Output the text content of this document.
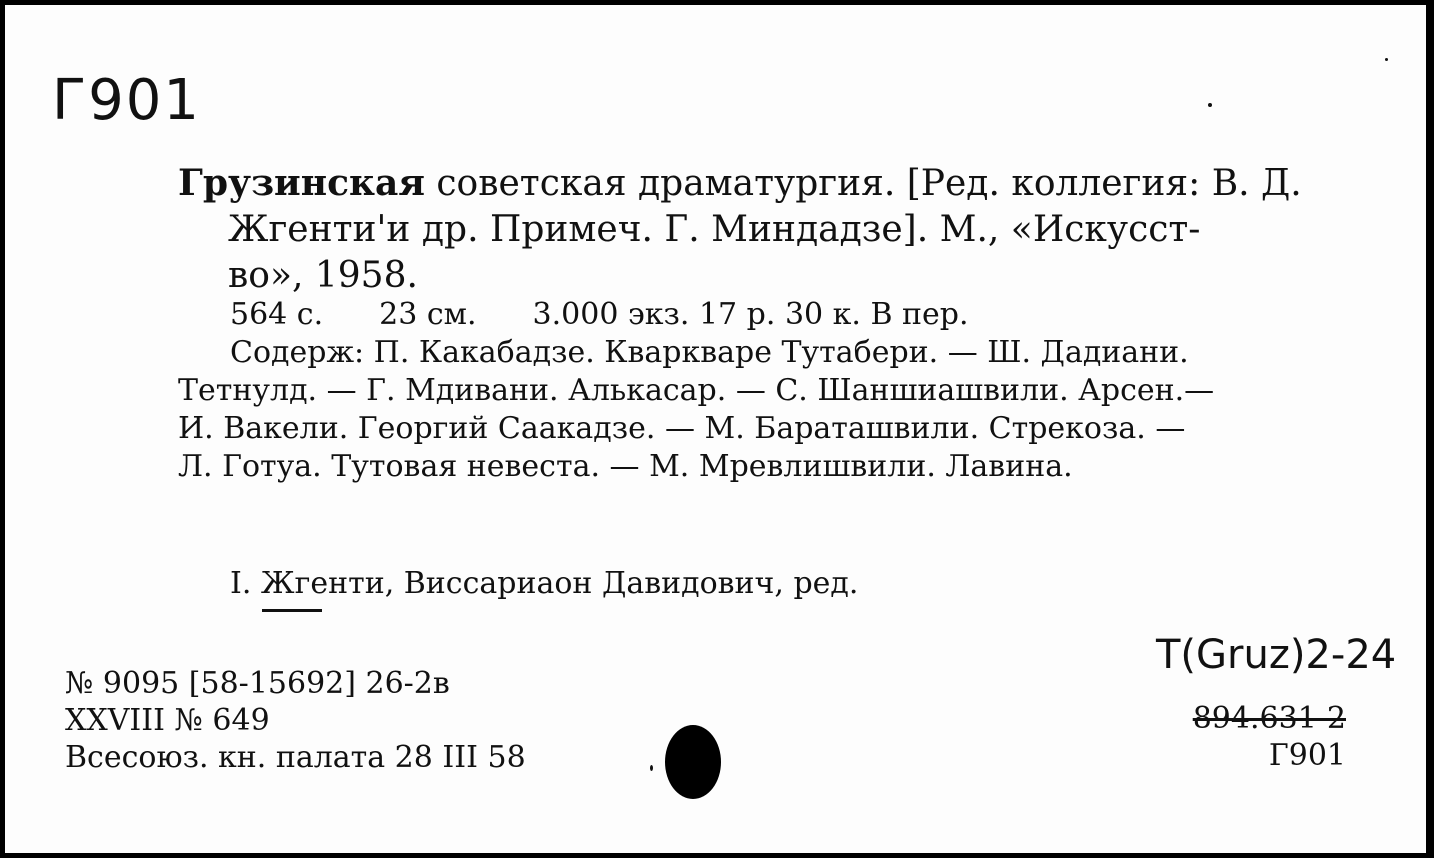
Г901
Грузинская советская драматургия. [Ред. коллегия: В. Д.
Жгенти'и др. Примеч. Г. Миндадзе]. М., «Искусст-
во», 1958.
564 с. 23 см. 3.000 экз. 17 р. 30 к. В пер.
Содерж: П. Какабадзе. Кваркваре Тутабери. — Ш. Дадиани.
Тетнулд. — Г. Мдивани. Алькасар. — С. Шаншиашвили. Арсен.—
И. Вакели. Георгий Саакадзе. — М. Бараташвили. Стрекоза. —
Л. Готуа. Тутовая невеста. — М. Мревлишвили. Лавина.
I. Жгенти, Виссариаон Давидович, ред.
№ 9095 [58-15692] 26-2в
XXVIII № 649
Всесоюз. кн. палата 28 III 58
T(Gruz)2-24
894.631-2
Г901
